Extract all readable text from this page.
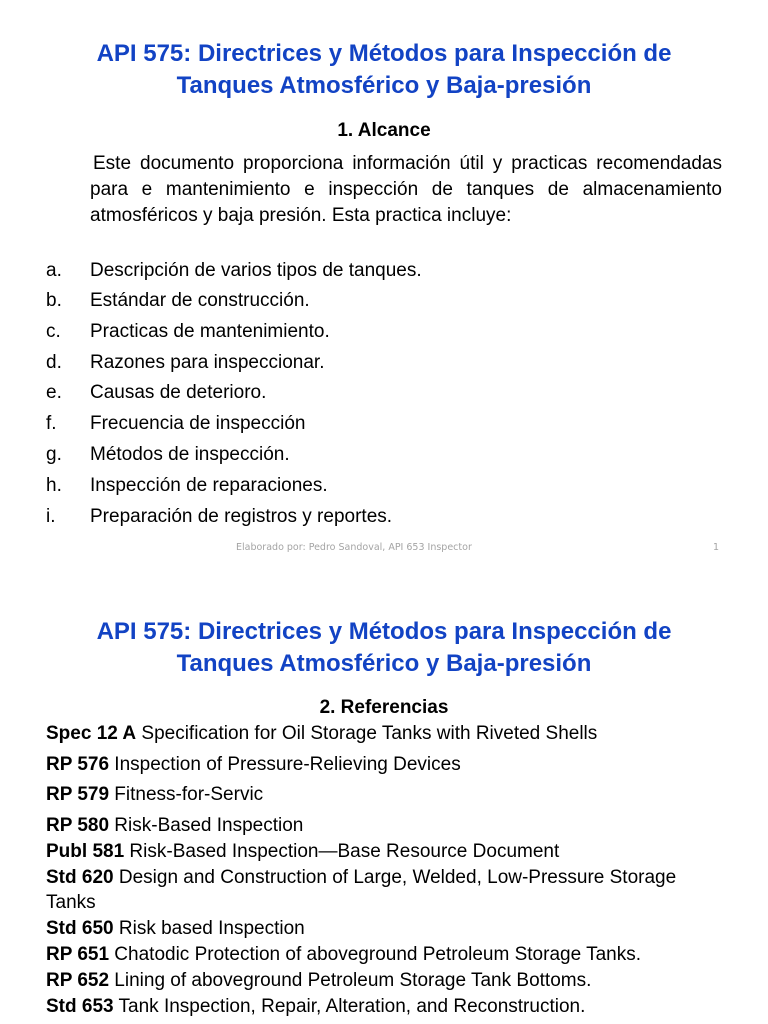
API 575: Directrices y Métodos para Inspección de
Tanques Atmosférico y Baja-presión
1. Alcance
Este documento proporciona información útil y practicas recomendadas para e mantenimiento e inspección de tanques de almacenamiento atmosféricos y baja presión. Esta practica incluye:
a. Descripción de varios tipos de tanques.
b. Estándar de construcción.
c. Practicas de mantenimiento.
d. Razones para inspeccionar.
e. Causas de deterioro.
f. Frecuencia de inspección
g. Métodos de inspección.
h. Inspección de reparaciones.
i. Preparación de registros y reportes.
Elaborado por: Pedro Sandoval, API 653 Inspector	1
API 575: Directrices y Métodos para Inspección de
Tanques Atmosférico y Baja-presión
2. Referencias
Spec 12 A Specification for Oil Storage Tanks with Riveted Shells
RP 576 Inspection of Pressure-Relieving Devices
RP 579 Fitness-for-Servic
RP 580 Risk-Based Inspection
Publ 581 Risk-Based Inspection—Base Resource Document
Std 620 Design and Construction of Large, Welded, Low-Pressure Storage Tanks
Std 650 Risk based Inspection
RP 651 Chatodic Protection of aboveground Petroleum Storage Tanks.
RP 652 Lining of aboveground Petroleum Storage Tank Bottoms.
Std 653 Tank Inspection, Repair, Alteration, and Reconstruction.
